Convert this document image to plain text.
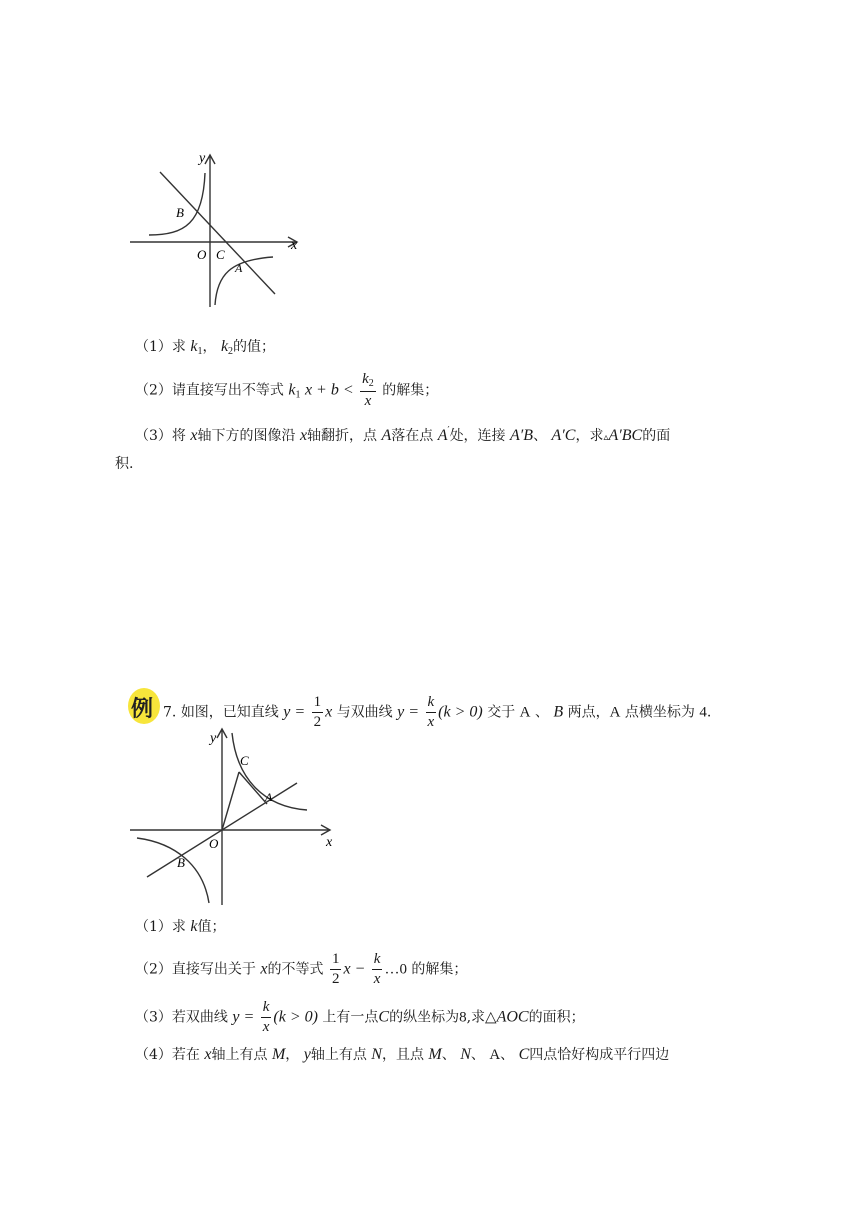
y
x
B
O C
A
（1）求 $k_1$， $k_2$的值；
（2）请直接写出不等式 $k_1$ $x + b < \frac{k_2}{x}$ 的解集；
（3）将 x轴下方的图像沿 x轴翻折，点 A落在点 A′处，连接 A′B、 A′C，求▵A′BC的面
积.
例 7. 如图，已知直线 $y = \frac{1}{2}$ x 与双曲线 $y = \frac{k}{x} (k > 0)$ 交于 A 、 B 两点，A 点横坐标为 4.
y
x
C
A
O
B
（1）求 k值；
（2）直接写出关于 x的不等式 $\frac{1}{2}$ $x - \frac{k}{x}$ …0 的解集；
（3）若双曲线 $y = \frac{k}{x} (k > 0)$ 上有一点C的纵坐标为8,求△AOC的面积；
（4）若在 x轴上有点 M， y轴上有点 N，且点 M、 N、 A、 C四点恰好构成平行四边
